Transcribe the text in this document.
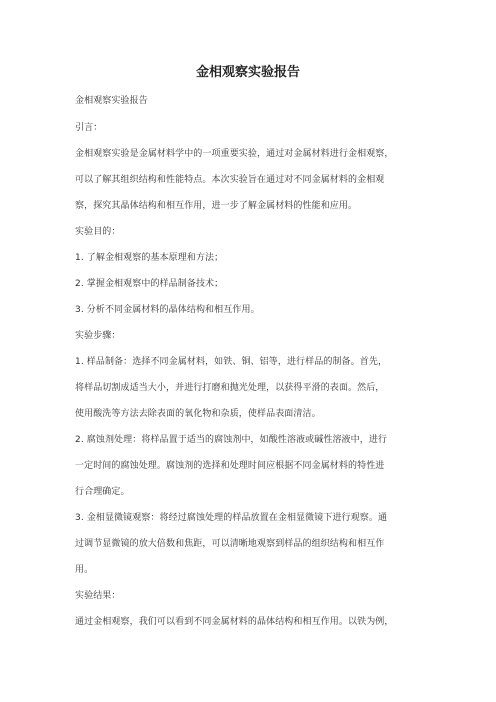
金相观察实验报告
金相观察实验报告
引言：
金相观察实验是金属材料学中的一项重要实验，通过对金属材料进行金相观察，
可以了解其组织结构和性能特点。本次实验旨在通过对不同金属材料的金相观
察，探究其晶体结构和相互作用，进一步了解金属材料的性能和应用。
实验目的：
1. 了解金相观察的基本原理和方法；
2. 掌握金相观察中的样品制备技术；
3. 分析不同金属材料的晶体结构和相互作用。
实验步骤：
1. 样品制备：选择不同金属材料，如铁、铜、铝等，进行样品的制备。首先，
将样品切割成适当大小，并进行打磨和抛光处理，以获得平滑的表面。然后，
使用酸洗等方法去除表面的氧化物和杂质，使样品表面清洁。
2. 腐蚀剂处理：将样品置于适当的腐蚀剂中，如酸性溶液或碱性溶液中，进行
一定时间的腐蚀处理。腐蚀剂的选择和处理时间应根据不同金属材料的特性进
行合理确定。
3. 金相显微镜观察：将经过腐蚀处理的样品放置在金相显微镜下进行观察。通
过调节显微镜的放大倍数和焦距，可以清晰地观察到样品的组织结构和相互作
用。
实验结果：
通过金相观察，我们可以看到不同金属材料的晶体结构和相互作用。以铁为例，
